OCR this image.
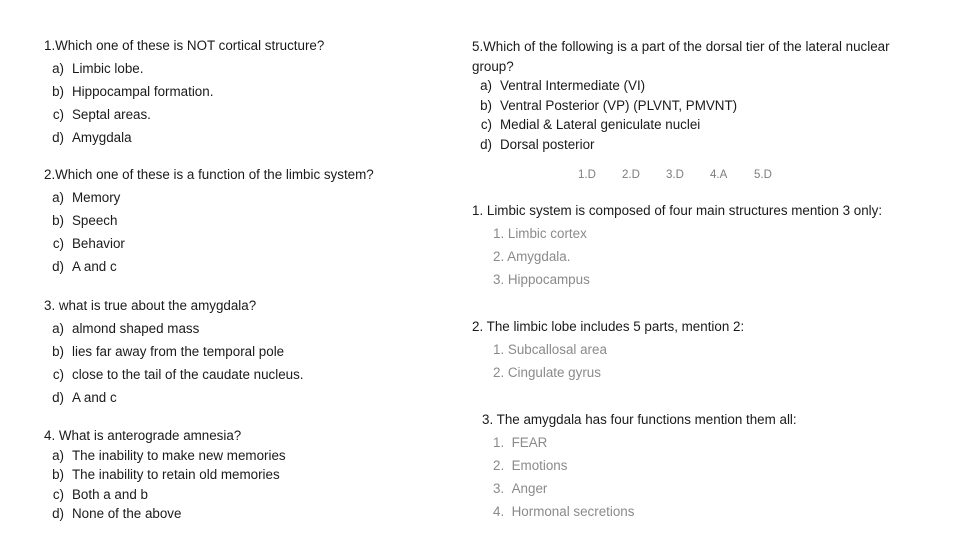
1.Which one of these is NOT cortical structure?
a) Limbic lobe.
b) Hippocampal formation.
c) Septal areas.
d) Amygdala
2.Which one of these is a function of the limbic system?
a) Memory
b) Speech
c) Behavior
d) A and c
3. what is true about the amygdala?
a) almond shaped mass
b) lies far away from the temporal pole
c) close to the tail of the caudate nucleus.
d) A and c
4. What is anterograde amnesia?
a) The inability to make new memories
b) The inability to retain old memories
c) Both a and b
d) None of the above
5.Which of the following is a part of the dorsal tier of the lateral nuclear group?
a) Ventral Intermediate (VI)
b) Ventral Posterior (VP) (PLVNT, PMVNT)
c) Medial & Lateral geniculate nuclei
d) Dorsal posterior
1.D 2.D 3.D 4.A 5.D
1. Limbic system is composed of four main structures mention 3 only:
1. Limbic cortex
2. Amygdala.
3. Hippocampus
2. The limbic lobe includes 5 parts, mention 2:
1. Subcallosal area
2. Cingulate gyrus
3. The amygdala has four functions mention them all:
1. FEAR
2. Emotions
3. Anger
4. Hormonal secretions
